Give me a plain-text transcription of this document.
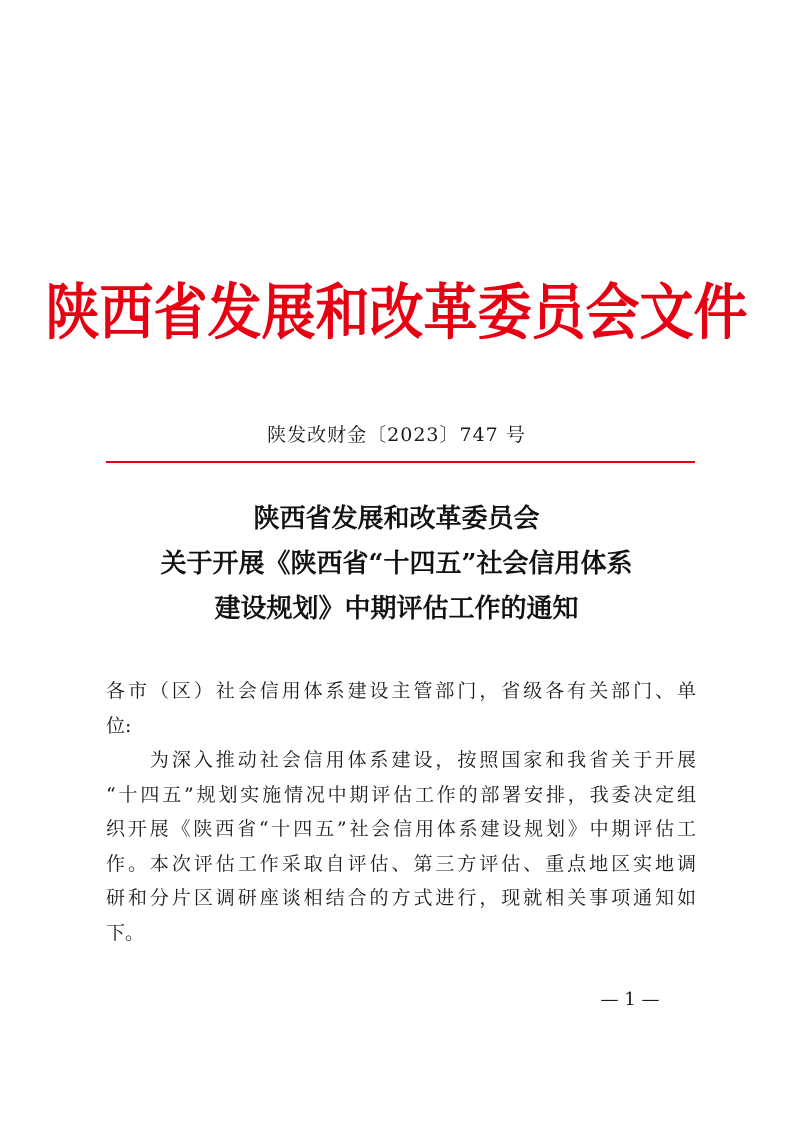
陕西省发展和改革委员会文件
陕发改财金〔2023〕747 号
陕西省发展和改革委员会
关于开展《陕西省“十四五”社会信用体系
建设规划》中期评估工作的通知

各市（区）社会信用体系建设主管部门，省级各有关部门、单
位:

　　为深入推动社会信用体系建设，按照国家和我省关于开展
“十四五”规划实施情况中期评估工作的部署安排，我委决定组
织开展《陕西省“十四五”社会信用体系建设规划》中期评估工
作。本次评估工作采取自评估、第三方评估、重点地区实地调
研和分片区调研座谈相结合的方式进行，现就相关事项通知如
下。

— 1 —
